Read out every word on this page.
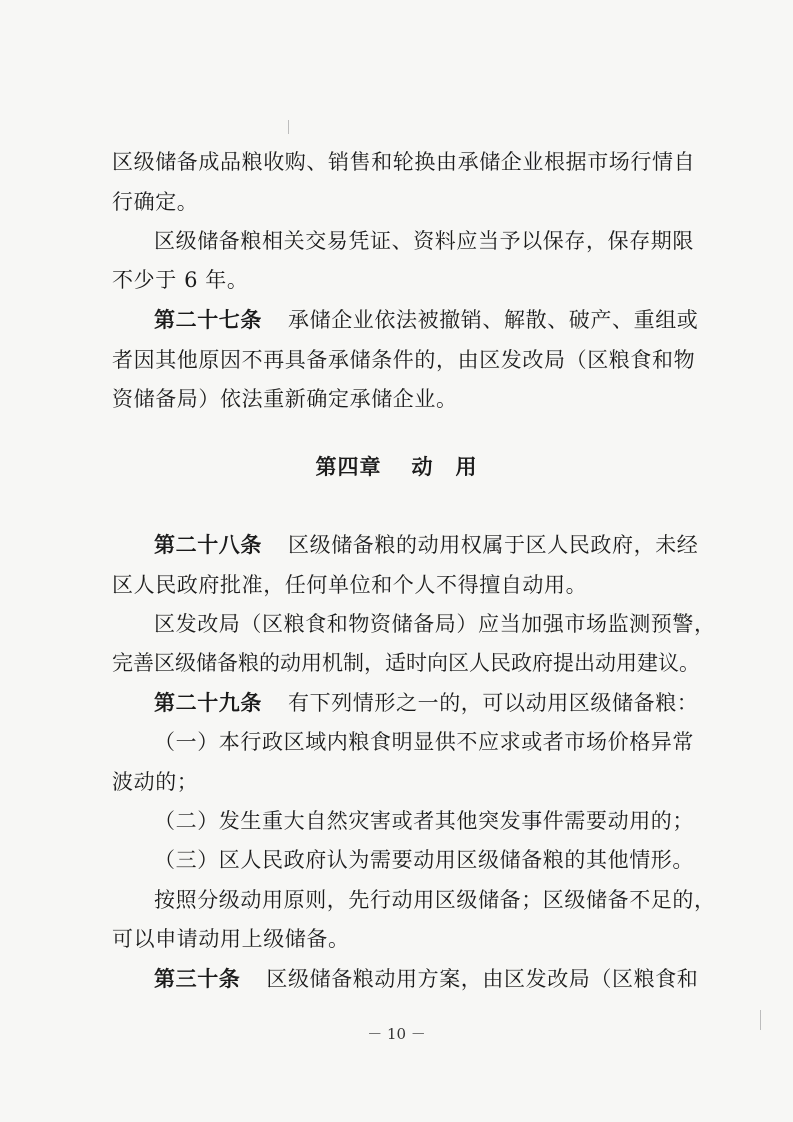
区级储备成品粮收购、销售和轮换由承储企业根据市场行情自
行确定。
区级储备粮相关交易凭证、资料应当予以保存，保存期限
不少于 6 年。
第二十七条 承储企业依法被撤销、解散、破产、重组或
者因其他原因不再具备承储条件的，由区发改局（区粮食和物
资储备局）依法重新确定承储企业。
第四章 动　用
第二十八条 区级储备粮的动用权属于区人民政府，未经
区人民政府批准，任何单位和个人不得擅自动用。
区发改局（区粮食和物资储备局）应当加强市场监测预警，
完善区级储备粮的动用机制，适时向区人民政府提出动用建议。
第二十九条 有下列情形之一的，可以动用区级储备粮：
（一）本行政区域内粮食明显供不应求或者市场价格异常
波动的；
（二）发生重大自然灾害或者其他突发事件需要动用的；
（三）区人民政府认为需要动用区级储备粮的其他情形。
按照分级动用原则，先行动用区级储备；区级储备不足的，
可以申请动用上级储备。
第三十条 区级储备粮动用方案，由区发改局（区粮食和
－ 10 －
